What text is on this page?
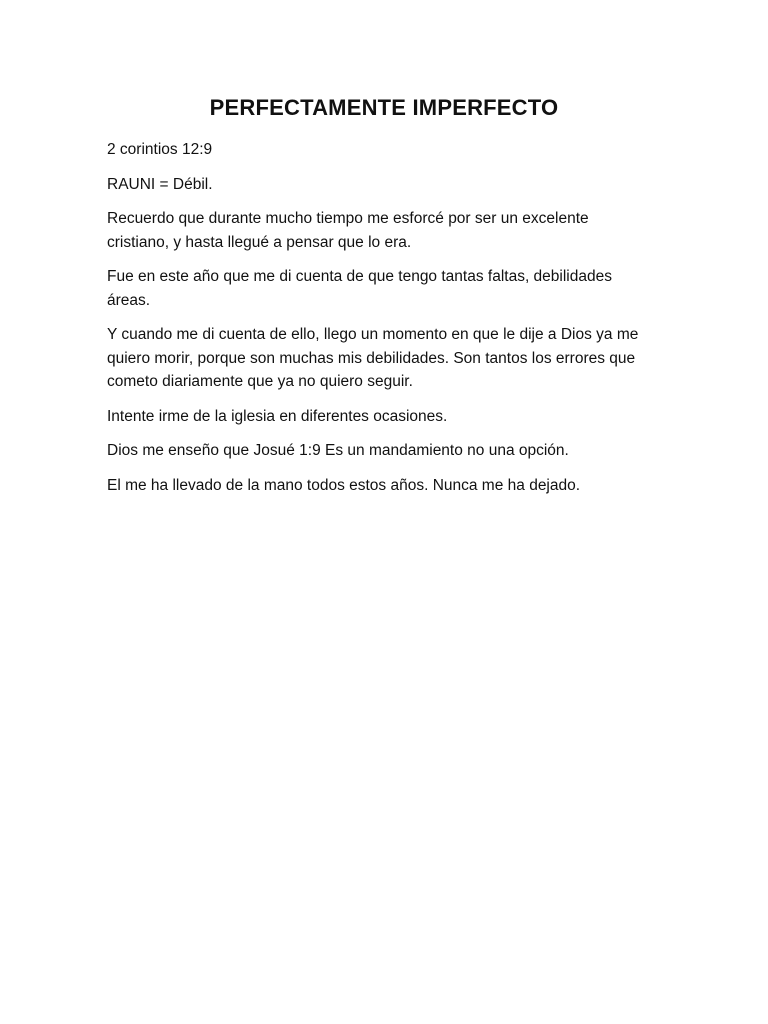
PERFECTAMENTE IMPERFECTO

2 corintios 12:9

RAUNI = Débil.

Recuerdo que durante mucho tiempo me esforcé por ser un excelente cristiano, y hasta llegué a pensar que lo era.

Fue en este año que me di cuenta de que tengo tantas faltas, debilidades áreas.

Y cuando me di cuenta de ello, llego un momento en que le dije a Dios ya me quiero morir, porque son muchas mis debilidades. Son tantos los errores que cometo diariamente que ya no quiero seguir.

Intente irme de la iglesia en diferentes ocasiones.

Dios me enseño que Josué 1:9 Es un mandamiento no una opción.

El me ha llevado de la mano todos estos años. Nunca me ha dejado.
